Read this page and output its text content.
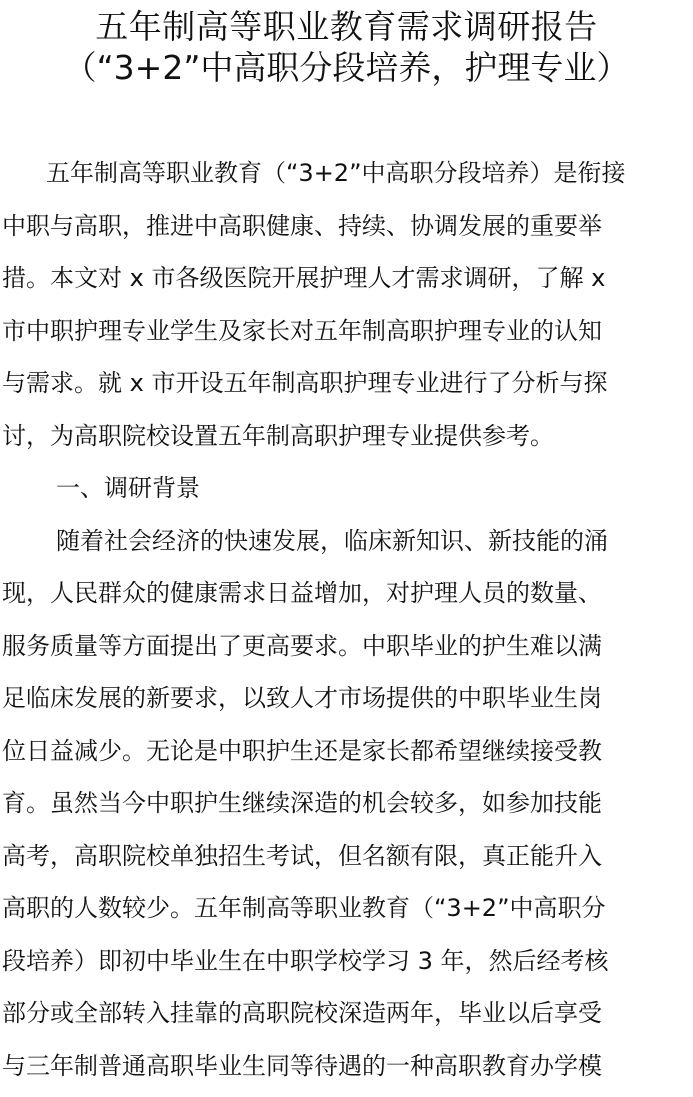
五年制高等职业教育需求调研报告
（“3+2”中高职分段培养，护理专业）
五年制高等职业教育（“3+2”中高职分段培养）是衔接
中职与高职，推进中高职健康、持续、协调发展的重要举
措。本文对 x 市各级医院开展护理人才需求调研，了解 x
市中职护理专业学生及家长对五年制高职护理专业的认知
与需求。就 x 市开设五年制高职护理专业进行了分析与探
讨，为高职院校设置五年制高职护理专业提供参考。
一、调研背景
随着社会经济的快速发展，临床新知识、新技能的涌
现，人民群众的健康需求日益增加，对护理人员的数量、
服务质量等方面提出了更高要求。中职毕业的护生难以满
足临床发展的新要求，以致人才市场提供的中职毕业生岗
位日益减少。无论是中职护生还是家长都希望继续接受教
育。虽然当今中职护生继续深造的机会较多，如参加技能
高考，高职院校单独招生考试，但名额有限，真正能升入
高职的人数较少。五年制高等职业教育（“3+2”中高职分
段培养）即初中毕业生在中职学校学习 3 年，然后经考核
部分或全部转入挂靠的高职院校深造两年，毕业以后享受
与三年制普通高职毕业生同等待遇的一种高职教育办学模
